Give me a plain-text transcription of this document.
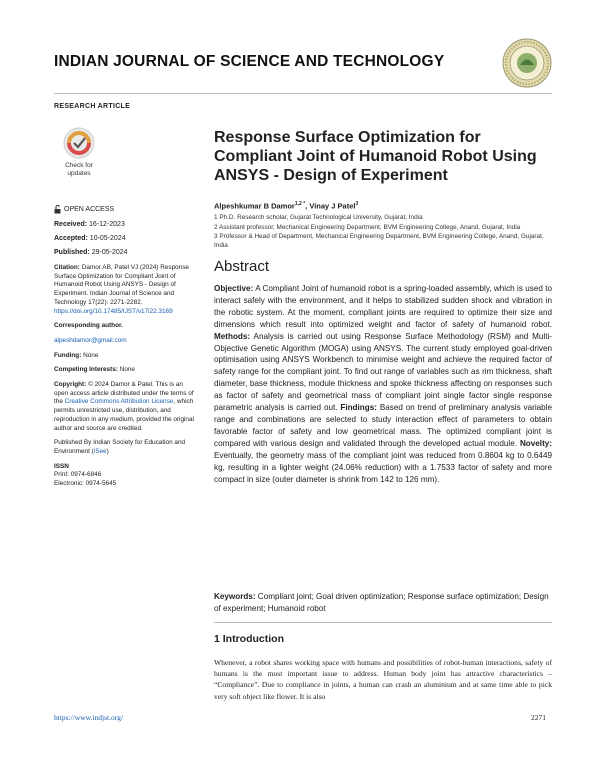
INDIAN JOURNAL OF SCIENCE AND TECHNOLOGY
RESEARCH ARTICLE
Check for
updates
OPEN ACCESS
Received: 16-12-2023
Accepted: 10-05-2024
Published: 29-05-2024
Citation: Damor AB, Patel VJ (2024) Response Surface Optimization for Compliant Joint of Humanoid Robot Using ANSYS - Design of Experiment. Indian Journal of Science and Technology 17(22): 2271-2282. https://doi.org/10.17485/IJST/v17i22.3169
Corresponding author.
alpeshdamor@gmail.com
Funding: None
Competing Interests: None
Copyright: © 2024 Damor & Patel. This is an open access article distributed under the terms of the Creative Commons Attribution License, which permits unrestricted use, distribution, and reproduction in any medium, provided the original author and source are credited.
Published By Indian Society for Education and Environment (iSee)
ISSN
Print: 0974-6846
Electronic: 0974-5645
Response Surface Optimization for Compliant Joint of Humanoid Robot Using ANSYS - Design of Experiment
Alpeshkumar B Damor$^{1,2 *}$, Vinay J Patel$^3$

1 Ph.D. Research scholar, Gujarat Technological University, Gujarat, India

2 Assistant professor, Mechanical Engineering Department, BVM Engineering College, Anand, Gujarat, India

3 Professor & Head of Department, Mechanical Engineering Department, BVM Engineering College, Anand, Gujarat, India

Abstract
Objective: A Compliant Joint of humanoid robot is a spring-loaded assembly, which is used to interact safely with the environment, and it helps to stabilized sudden shock and vibration in the robotic system. At the moment, compliant joints are required to optimize their size and dimensions which result into optimized weight and factor of safety of humanoid robot. Methods: Analysis is carried out using Response Surface Methodology (RSM) and Multi-Objective Genetic Algorithm (MOGA) using ANSYS. The current study employed goal-driven optimisation using ANSYS Workbench to minimise weight and achieve the required factor of safety range for the compliant joint. To find out range of variables such as rim thickness, shaft diameter, base thickness, module thickness and spoke thickness affecting on responses such as factor of safety and geometrical mass of compliant joint single factor single response parametric analysis is carried out. Findings: Based on trend of preliminary analysis variable range and combinations are selected to study interaction effect of parameters to obtain favorable factor of safety and low geometrical mass. The optimized compliant joint is compared with various design and validated through the developed actual module. Novelty: Eventually, the geometry mass of the compliant joint was reduced from 0.8604 kg to 0.6449 kg, resulting in a lighter weight (24.06% reduction) with a 1.7533 factor of safety and more compact in size (outer diameter is shrink from 142 to 126 mm).
Keywords: Compliant joint; Goal driven optimization; Response surface optimization; Design of experiment; Humanoid robot
1 Introduction
Whenever, a robot shares working space with humans and possibilities of robot-human interactions, safety of humans is the most important issue to address. Human body joint has attractive characteristics – “Compliance”. Due to compliance in joints, a human can crash an aluminium and at same time able to pick very soft object like flower. It is also
https://www.indjst.org/	2271
